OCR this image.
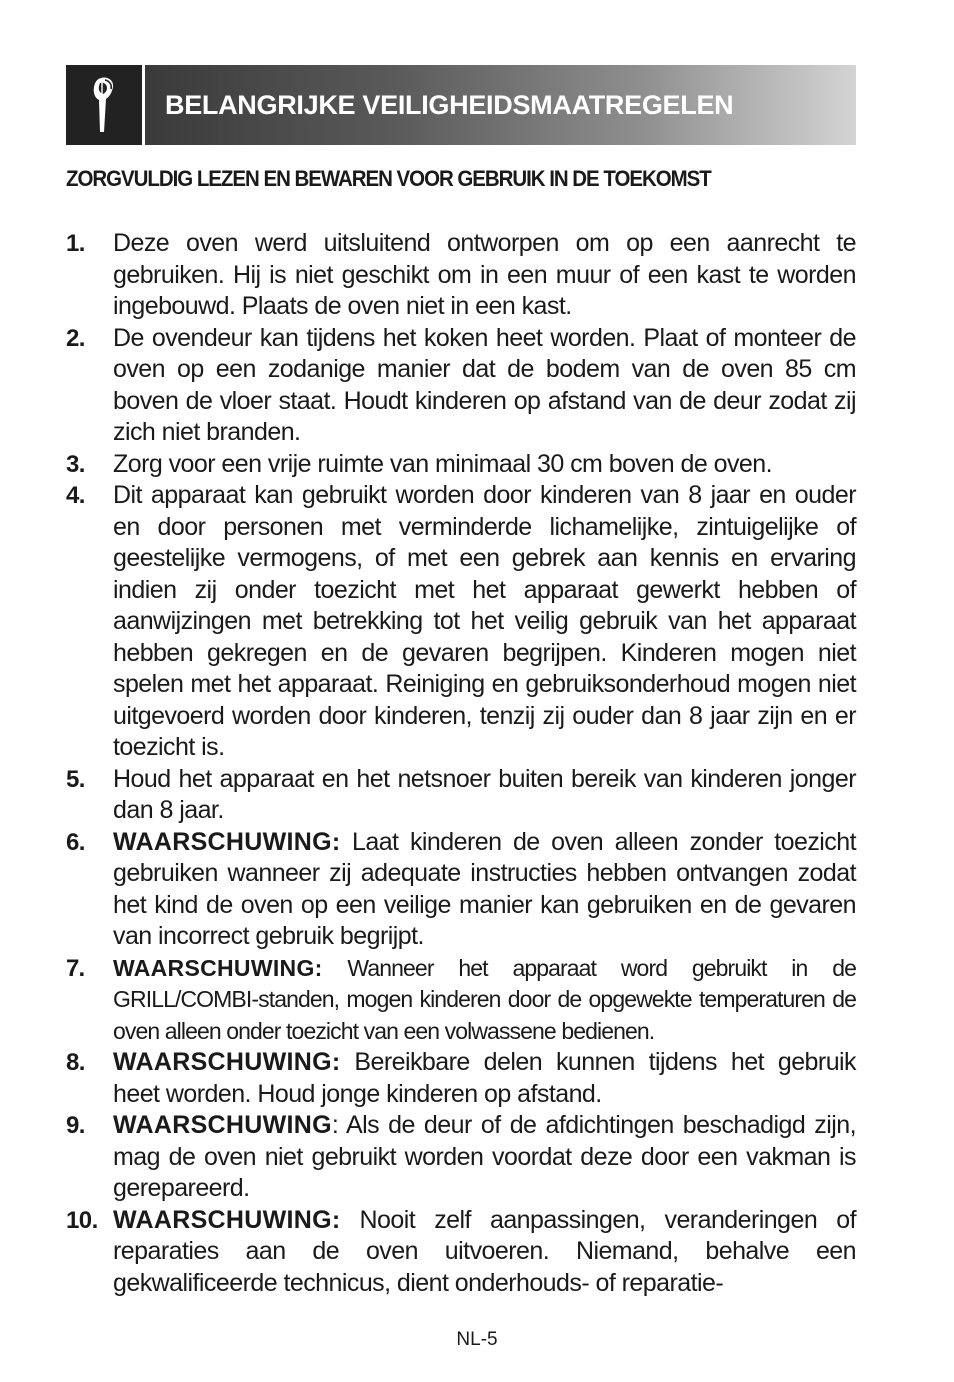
BELANGRIJKE VEILIGHEIDSMAATREGELEN
ZORGVULDIG LEZEN EN BEWAREN VOOR GEBRUIK IN DE TOEKOMST
1. Deze oven werd uitsluitend ontworpen om op een aanrecht te gebruiken. Hij is niet geschikt om in een muur of een kast te worden ingebouwd. Plaats de oven niet in een kast.
2. De ovendeur kan tijdens het koken heet worden. Plaat of monteer de oven op een zodanige manier dat de bodem van de oven 85 cm boven de vloer staat. Houdt kinderen op afstand van de deur zodat zij zich niet branden.
3. Zorg voor een vrije ruimte van minimaal 30 cm boven de oven.
4. Dit apparaat kan gebruikt worden door kinderen van 8 jaar en ouder en door personen met verminderde lichamelijke, zintuigelijke of geestelijke vermogens, of met een gebrek aan kennis en ervaring indien zij onder toezicht met het apparaat gewerkt hebben of aanwijzingen met betrekking tot het veilig gebruik van het apparaat hebben gekregen en de gevaren begrijpen. Kinderen mogen niet spelen met het apparaat. Reiniging en gebruiksonderhoud mogen niet uitgevoerd worden door kinderen, tenzij zij ouder dan 8 jaar zijn en er toezicht is.
5. Houd het apparaat en het netsnoer buiten bereik van kinderen jonger dan 8 jaar.
6. WAARSCHUWING: Laat kinderen de oven alleen zonder toezicht gebruiken wanneer zij adequate instructies hebben ontvangen zodat het kind de oven op een veilige manier kan gebruiken en de gevaren van incorrect gebruik begrijpt.
7. WAARSCHUWING: Wanneer het apparaat word gebruikt in de GRILL/COMBI-standen, mogen kinderen door de opgewekte temperaturen de oven alleen onder toezicht van een volwassene bedienen.
8. WAARSCHUWING: Bereikbare delen kunnen tijdens het gebruik heet worden. Houd jonge kinderen op afstand.
9. WAARSCHUWING: Als de deur of de afdichtingen beschadigd zijn, mag de oven niet gebruikt worden voordat deze door een vakman is gerepareerd.
10. WAARSCHUWING: Nooit zelf aanpassingen, veranderingen of reparaties aan de oven uitvoeren. Niemand, behalve een gekwalificeerde technicus, dient onderhouds- of reparatie-
NL-5
